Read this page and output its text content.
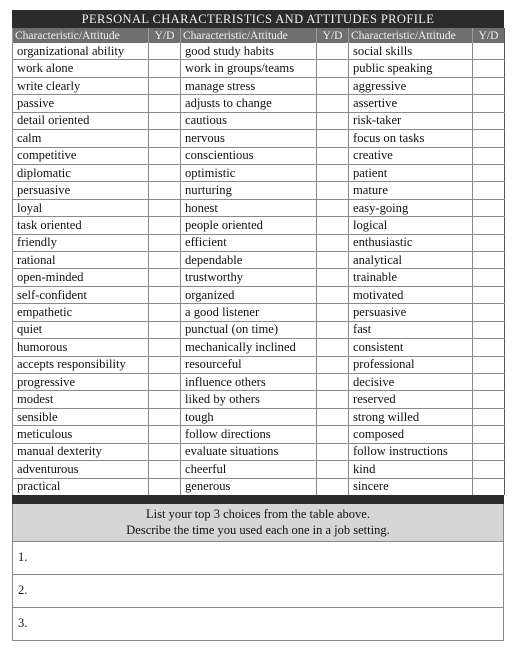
PERSONAL CHARACTERISTICS AND ATTITUDES PROFILE
Characteristic/Attitude	Y/D	Characteristic/Attitude	Y/D	Characteristic/Attitude	Y/D
organizational ability		good study habits		social skills	
work alone		work in groups/teams		public speaking	
write clearly		manage stress		aggressive	
passive		adjusts to change		assertive	
detail oriented		cautious		risk-taker	
calm		nervous		focus on tasks	
competitive		conscientious		creative	
diplomatic		optimistic		patient	
persuasive		nurturing		mature	
loyal		honest		easy-going	
task oriented		people oriented		logical	
friendly		efficient		enthusiastic	
rational		dependable		analytical	
open-minded		trustworthy		trainable	
self-confident		organized		motivated	
empathetic		a good listener		persuasive	
quiet		punctual (on time)		fast	
humorous		mechanically inclined		consistent	
accepts responsibility		resourceful		professional	
progressive		influence others		decisive	
modest		liked by others		reserved	
sensible		tough		strong willed	
meticulous		follow directions		composed	
manual dexterity		evaluate situations		follow instructions	
adventurous		cheerful		kind	
practical		generous		sincere	
List your top 3 choices from the table above.
Describe the time you used each one in a job setting.
1.
2.
3.
